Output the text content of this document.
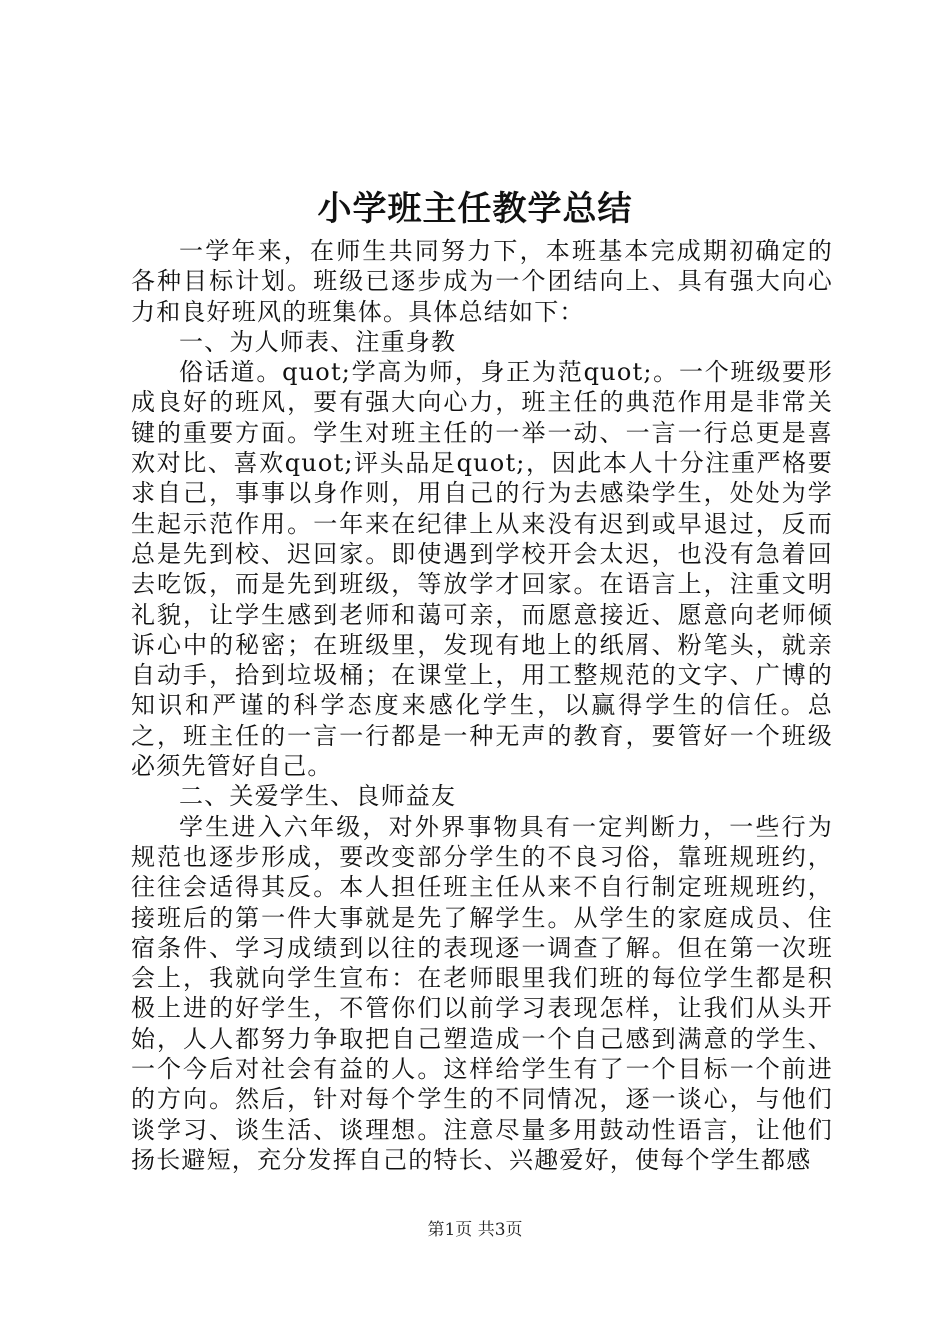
小学班主任教学总结

一学年来，在师生共同努力下，本班基本完成期初确定的各种目标计划。班级已逐步成为一个团结向上、具有强大向心力和良好班风的班集体。具体总结如下：

一、为人师表、注重身教

俗话道。quot;学高为师，身正为范quot;。一个班级要形成良好的班风，要有强大向心力，班主任的典范作用是非常关键的重要方面。学生对班主任的一举一动、一言一行总更是喜欢对比、喜欢quot;评头品足quot;，因此本人十分注重严格要求自己，事事以身作则，用自己的行为去感染学生，处处为学生起示范作用。一年来在纪律上从来没有迟到或早退过，反而总是先到校、迟回家。即使遇到学校开会太迟，也没有急着回去吃饭，而是先到班级，等放学才回家。在语言上，注重文明礼貌，让学生感到老师和蔼可亲，而愿意接近、愿意向老师倾诉心中的秘密；在班级里，发现有地上的纸屑、粉笔头，就亲自动手，拾到垃圾桶；在课堂上，用工整规范的文字、广博的知识和严谨的科学态度来感化学生，以赢得学生的信任。总之，班主任的一言一行都是一种无声的教育，要管好一个班级必须先管好自己。

二、关爱学生、良师益友

学生进入六年级，对外界事物具有一定判断力，一些行为规范也逐步形成，要改变部分学生的不良习俗，靠班规班约，往往会适得其反。本人担任班主任从来不自行制定班规班约，接班后的第一件大事就是先了解学生。从学生的家庭成员、住宿条件、学习成绩到以往的表现逐一调查了解。但在第一次班会上，我就向学生宣布：在老师眼里我们班的每位学生都是积极上进的好学生，不管你们以前学习表现怎样，让我们从头开始，人人都努力争取把自己塑造成一个自己感到满意的学生、一个今后对社会有益的人。这样给学生有了一个目标一个前进的方向。然后，针对每个学生的不同情况，逐一谈心，与他们谈学习、谈生活、谈理想。注意尽量多用鼓动性语言，让他们扬长避短，充分发挥自己的特长、兴趣爱好，使每个学生都感

第1页 共3页
